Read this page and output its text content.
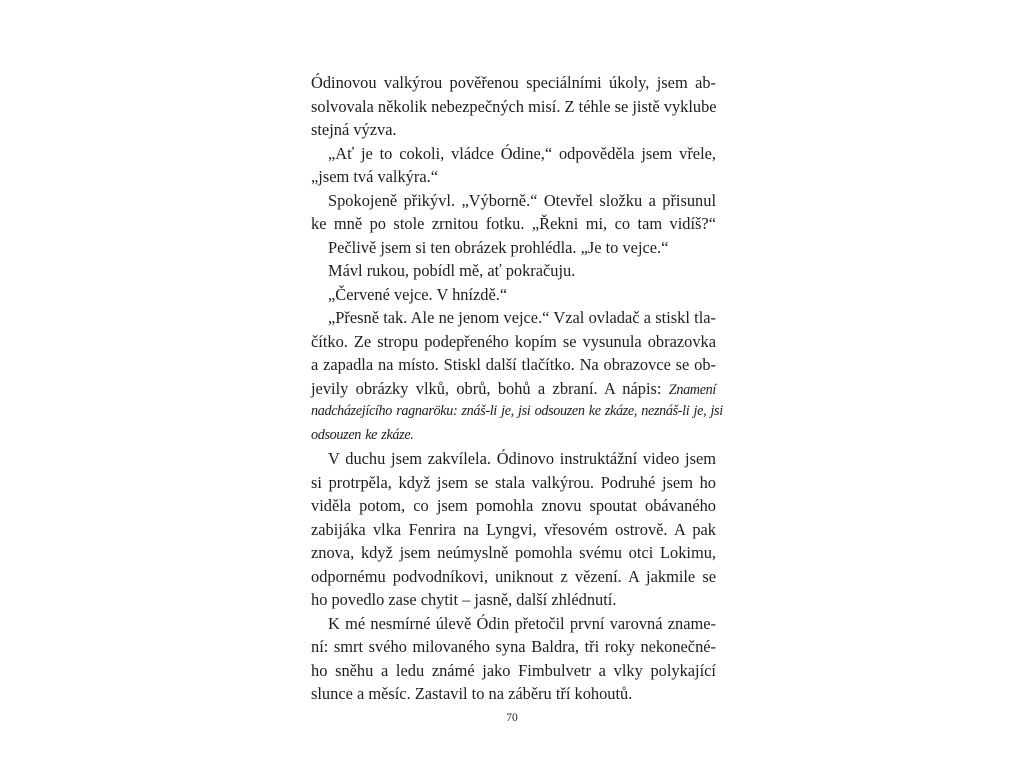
Ódinovou valkýrou pověřenou speciálními úkoly, jsem ab-
solvovala několik nebezpečných misí. Z téhle se jistě vyklube
stejná výzva.
„Ať je to cokoli, vládce Ódine,“ odpověděla jsem vřele,
„jsem tvá valkýra.“
Spokojeně přikývl. „Výborně.“ Otevřel složku a přisunul
ke mně po stole zrnitou fotku. „Řekni mi, co tam vidíš?“
Pečlivě jsem si ten obrázek prohlédla. „Je to vejce.“
Mávl rukou, pobídl mě, ať pokračuju.
„Červené vejce. V hnízdě.“
„Přesně tak. Ale ne jenom vejce.“ Vzal ovladač a stiskl tla-
čítko. Ze stropu podepřeného kopím se vysunula obrazovka
a zapadla na místo. Stiskl další tlačítko. Na obrazovce se ob-
jevily obrázky vlků, obrů, bohů a zbraní. A nápis: Znamení
nadcházejícího ragnaröku: znáš-li je, jsi odsouzen ke zkáze, neznáš-li je, jsi
odsouzen ke zkáze.
V duchu jsem zakvílela. Ódinovo instruktážní video jsem
si protrpěla, když jsem se stala valkýrou. Podruhé jsem ho
viděla potom, co jsem pomohla znovu spoutat obávaného
zabijáka vlka Fenrira na Lyngvi, vřesovém ostrově. A pak
znova, když jsem neúmyslně pomohla svému otci Lokimu,
odpornému podvodníkovi, uniknout z vězení. A jakmile se
ho povedlo zase chytit – jasně, další zhlédnutí.
K mé nesmírné úlevě Ódin přetočil první varovná zname-
ní: smrt svého milovaného syna Baldra, tři roky nekonečné-
ho sněhu a ledu známé jako Fimbulvetr a vlky polykající
slunce a měsíc. Zastavil to na záběru tří kohoutů.
70
